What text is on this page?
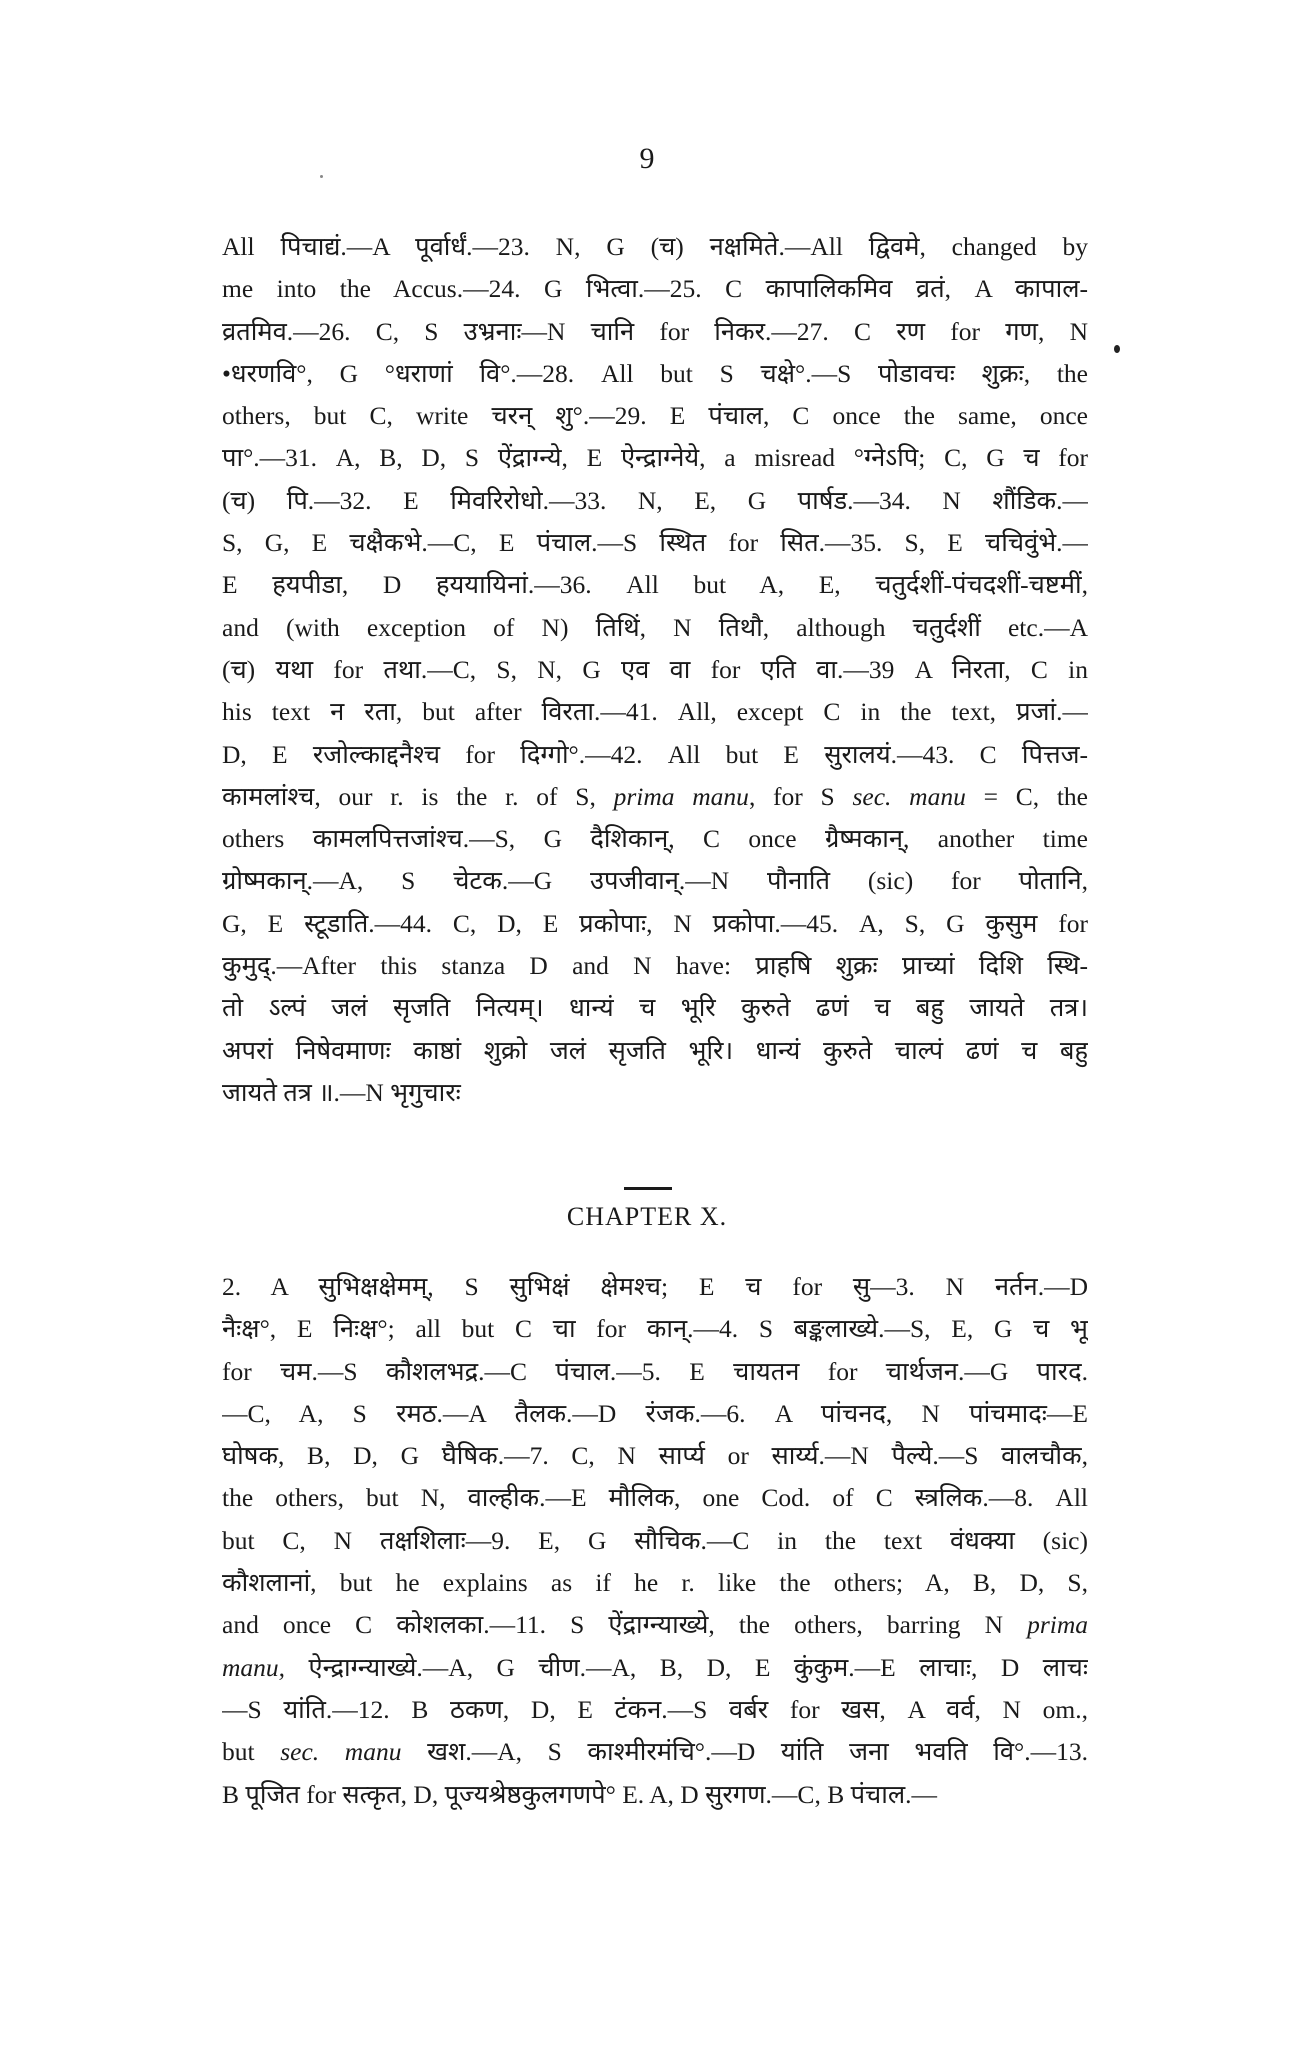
9
All पिचाद्यं.—A पूर्वार्धं.—23. N, G (च) नक्षमिते.—All द्विवमे, changed by
me into the Accus.—24. G भित्वा.—25. C कापालिकमिव व्रतं, A कापाल-
व्रतमिव.—26. C, S उभ्रनाः—N चानि for निकर.—27. C रण for गण, N
•धरणवि°, G °धराणां वि°.—28. All but S चक्षे°.—S पोडावचः शुक्रः, the
others, but C, write चरन् शु°.—29. E पंचाल, C once the same, once
पा°.—31. A, B, D, S ऐंद्राग्न्ये, E ऐन्द्राग्नेये, a misread °ग्नेऽपि; C, G च for
(च) पि.—32. E मिवरिरोधो.—33. N, E, G पार्षड.—34. N शौंडिक.—
S, G, E चक्षैकभे.—C, E पंचाल.—S स्थित for सित.—35. S, E चचिवुंभे.—
E हयपीडा, D हययायिनां.—36. All but A, E, चतुर्दशीं-पंचदशीं-चष्टमीं,
and (with exception of N) तिथिं, N तिथौ, although चतुर्दशीं etc.—A
(च) यथा for तथा.—C, S, N, G एव वा for एति वा.—39 A निरता, C in
his text न रता, but after विरता.—41. All, except C in the text, प्रजां.—
D, E रजोल्काद्दनैश्च for दिग्गो°.—42. All but E सुरालयं.—43. C पित्तज-
कामलांश्च, our r. is the r. of S, prima manu, for S sec. manu = C, the
others कामलपित्तजांश्च.—S, G दैशिकान्, C once ग्रैष्मकान्, another time
ग्रोष्मकान्.—A, S चेटक.—G उपजीवान्.—N पौनाति (sic) for पोतानि,
G, E स्टूडाति.—44. C, D, E प्रकोपाः, N प्रकोपा.—45. A, S, G कुसुम for
कुमुद्.—After this stanza D and N have: प्राहषि शुक्रः प्राच्यां दिशि स्थि-
तो ऽल्पं जलं सृजति नित्यम्। धान्यं च भूरि कुरुते ढणं च बहु जायते तत्र।
अपरां निषेवमाणः काष्ठां शुक्रो जलं सृजति भूरि। धान्यं कुरुते चाल्पं ढणं च बहु
जायते तत्र ॥.—N भृगुचारः
CHAPTER X.
2. A सुभिक्षक्षेमम्, S सुभिक्षं क्षेमश्च; E च for सु—3. N नर्तन.—D
नैःक्ष°, E निःक्ष°; all but C चा for कान्.—4. S बङ्कलाख्ये.—S, E, G च भू
for चम.—S कौशलभद्र.—C पंचाल.—5. E चायतन for चार्थजन.—G पारद.
—C, A, S रमठ.—A तैलक.—D रंजक.—6. A पांचनद, N पांचमादः—E
घोषक, B, D, G घैषिक.—7. C, N सार्प्य or सार्य्य.—N पैल्ये.—S वालचौक,
the others, but N, वाल्हीक.—E मौलिक, one Cod. of C स्त्रलिक.—8. All
but C, N तक्षशिलाः—9. E, G सौचिक.—C in the text वंधक्या (sic)
कौशलानां, but he explains as if he r. like the others; A, B, D, S,
and once C कोशलका.—11. S ऐंद्राग्न्याख्ये, the others, barring N prima
manu, ऐन्द्राग्न्याख्ये.—A, G चीण.—A, B, D, E कुंकुम.—E लाचाः, D लाचः
—S यांति.—12. B ठकण, D, E टंकन.—S वर्बर for खस, A वर्व, N om.,
but sec. manu खश.—A, S काश्मीरमंचि°.—D यांति जना भवति वि°.—13.
B पूजित for सत्कृत, D, पूज्यश्रेष्ठकुलगणपे° E. A, D सुरगण.—C, B पंचाल.—
